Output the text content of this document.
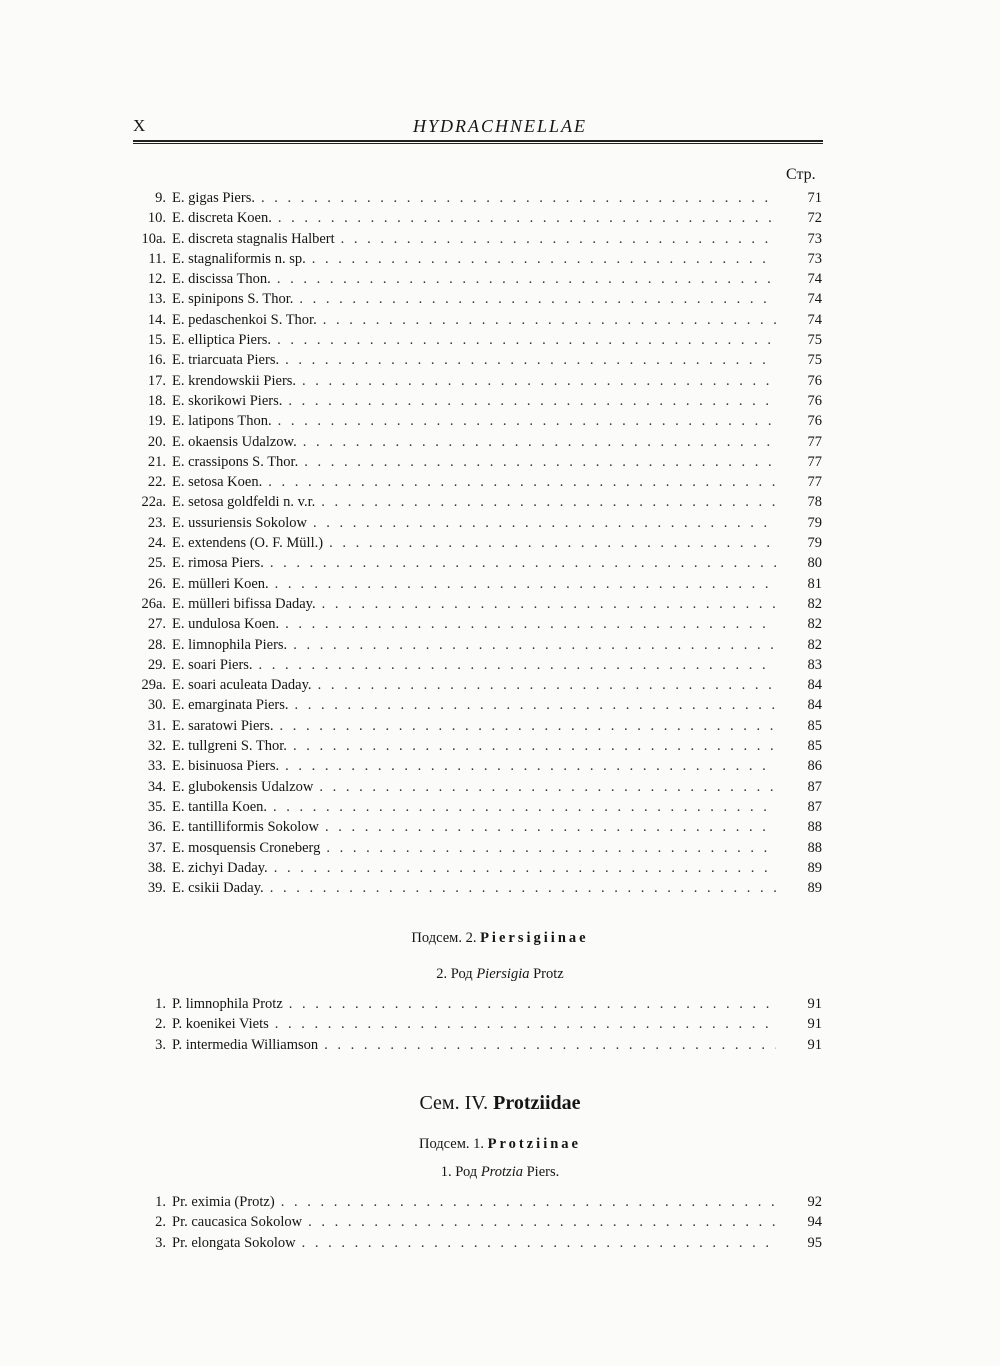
X	HYDRACHNELLAE
Стр.
9. E. gigas Piers. . . .	71
10. E. discreta Koen. . . .	72
10a. E. discreta stagnalis Halbert . . .	73
11. E. stagnaliformis n. sp. . . .	73
12. E. discissa Thon. . . .	74
13. E. spinipons S. Thor. . . .	74
14. E. pedaschenkoi S. Thor. . . .	74
15. E. elliptica Piers. . . .	75
16. E. triarcuata Piers. . . .	75
17. E. krendowskii Piers. . . .	76
18. E. skorikowi Piers. . . .	76
19. E. latipons Thon. . . .	76
20. E. okaensis Udalzow. . . .	77
21. E. crassipons S. Thor. . . .	77
22. E. setosa Koen. . . .	77
22a. E. setosa goldfeldi n. v.r. . . .	78
23. E. ussuriensis Sokolow . . .	79
24. E. extendens (O. F. Müll.) . . .	79
25. E. rimosa Piers. . . .	80
26. E. mülleri Koen. . . .	81
26a. E. mülleri bifissa Daday. . . .	82
27. E. undulosa Koen. . . .	82
28. E. limnophila Piers. . . .	82
29. E. soari Piers. . . .	83
29a. E. soari aculeata Daday. . . .	84
30. E. emarginata Piers. . . .	84
31. E. saratowi Piers. . . .	85
32. E. tullgreni S. Thor. . . .	85
33. E. bisinuosa Piers. . . .	86
34. E. glubokensis Udalzow . . .	87
35. E. tantilla Koen. . . .	87
36. E. tantilliformis Sokolow . . .	88
37. E. mosquensis Croneberg . . .	88
38. E. zichyi Daday. . . .	89
39. E. csikii Daday. . . .	89
Подсем. 2. Piersigiinae
2. Род Piersigia Protz
1. P. limnophila Protz . . .	91
2. P. koenikei Viets . . .	91
3. P. intermedia Williamson . . .	91
Сем. IV. Protziidae
Подсем. 1. Protziinae
1. Род Protzia Piers.
1. Pr. eximia (Protz) . . .	92
2. Pr. caucasica Sokolow . . .	94
3. Pr. elongata Sokolow . . .	95
